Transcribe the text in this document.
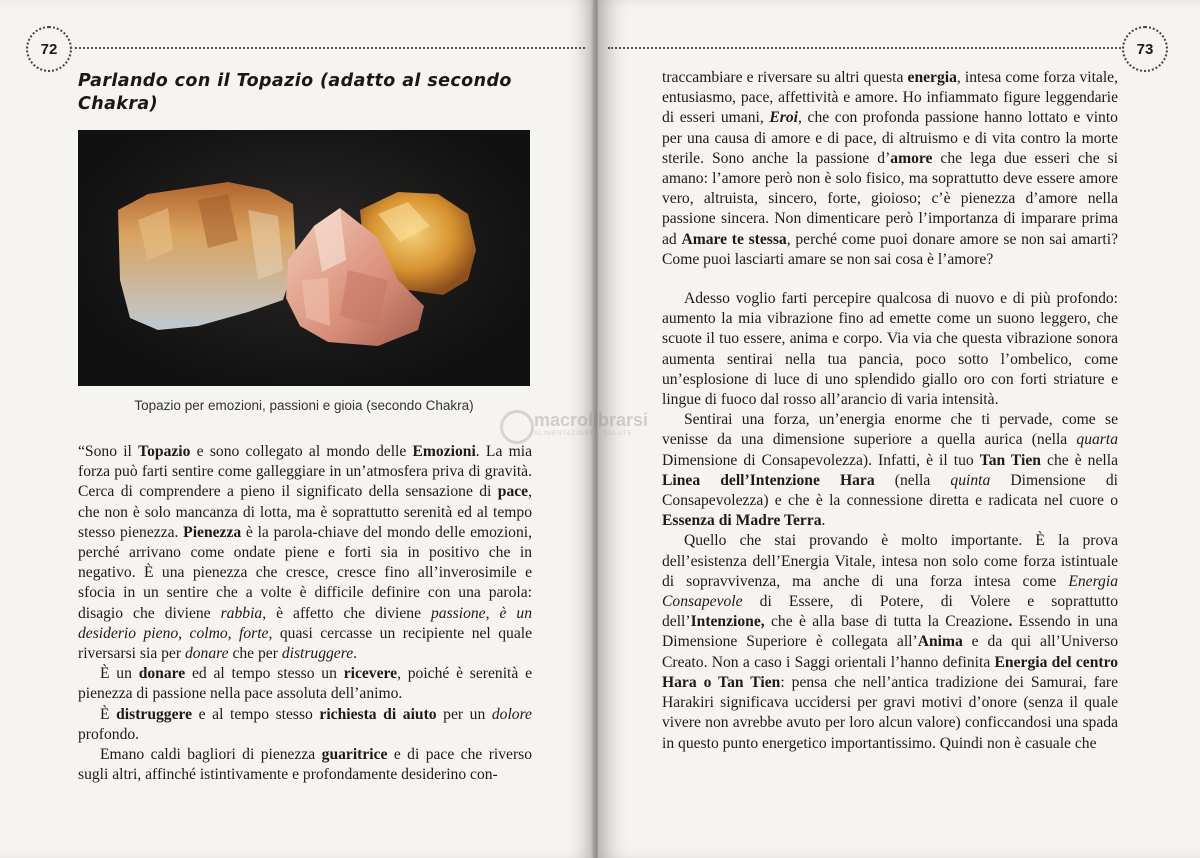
72
Parlando con il Topazio (adatto al secondo Chakra)
Topazio per emozioni, passioni e gioia (secondo Chakra)

“Sono il Topazio e sono collegato al mondo delle Emozioni. La mia forza può farti sentire come galleggiare in un’atmosfera priva di gravità. Cerca di comprendere a pieno il significato della sensazione di pace, che non è solo mancanza di lotta, ma è soprattutto serenità ed al tempo stesso pienezza. Pienezza è la parola-chiave del mondo delle emozioni, perché arrivano come ondate piene e forti sia in positivo che in negativo. È una pienezza che cresce, cresce fino all’inverosimile e sfocia in un sentire che a volte è difficile definire con una parola: disagio che diviene rabbia, è affetto che diviene passione, è un desiderio pieno, colmo, forte, quasi cercasse un recipiente nel quale riversarsi sia per donare che per distruggere.

È un donare ed al tempo stesso un ricevere, poiché è serenità e pienezza di passione nella pace assoluta dell’animo.

È distruggere e al tempo stesso richiesta di aiuto per un dolore profondo.

Emano caldi bagliori di pienezza guaritrice e di pace che riverso sugli altri, affinché istintivamente e profondamente desiderino con-

73

traccambiare e riversare su altri questa energia, intesa come forza vitale, entusiasmo, pace, affettività e amore. Ho infiammato figure leggendarie di esseri umani, Eroi, che con profonda passione hanno lottato e vinto per una causa di amore e di pace, di altruismo e di vita contro la morte sterile. Sono anche la passione d’amore che lega due esseri che si amano: l’amore però non è solo fisico, ma soprattutto deve essere amore vero, altruista, sincero, forte, gioioso; c’è pienezza d’amore nella passione sincera. Non dimenticare però l’importanza di imparare prima ad Amare te stessa, perché come puoi donare amore se non sai amarti? Come puoi lasciarti amare se non sai cosa è l’amore?

Adesso voglio farti percepire qualcosa di nuovo e di più profondo: aumento la mia vibrazione fino ad emette come un suono leggero, che scuote il tuo essere, anima e corpo. Via via che questa vibrazione sonora aumenta sentirai nella tua pancia, poco sotto l’ombelico, come un’esplosione di luce di uno splendido giallo oro con forti striature e lingue di fuoco dal rosso all’arancio di varia intensità.

Sentirai una forza, un’energia enorme che ti pervade, come se venisse da una dimensione superiore a quella aurica (nella quarta Dimensione di Consapevolezza). Infatti, è il tuo Tan Tien che è nella Linea dell’Intenzione Hara (nella quinta Dimensione di Consapevolezza) e che è la connessione diretta e radicata nel cuore o Essenza di Madre Terra.

Quello che stai provando è molto importante. È la prova dell’esistenza dell’Energia Vitale, intesa non solo come forza istintuale di sopravvivenza, ma anche di una forza intesa come Energia Consapevole di Essere, di Potere, di Volere e soprattutto dell’Intenzione, che è alla base di tutta la Creazione. Essendo in una Dimensione Superiore è collegata all’Anima e da qui all’Universo Creato. Non a caso i Saggi orientali l’hanno definita Energia del centro Hara o Tan Tien: pensa che nell’antica tradizione dei Samurai, fare Harakiri significava uccidersi per gravi motivi d’onore (senza il quale vivere non avrebbe avuto per loro alcun valore) conficcandosi una spada in questo punto energetico importantissimo. Quindi non è casuale che

macrolibrarsi
ALIMENTAZIONE · SALUTE
